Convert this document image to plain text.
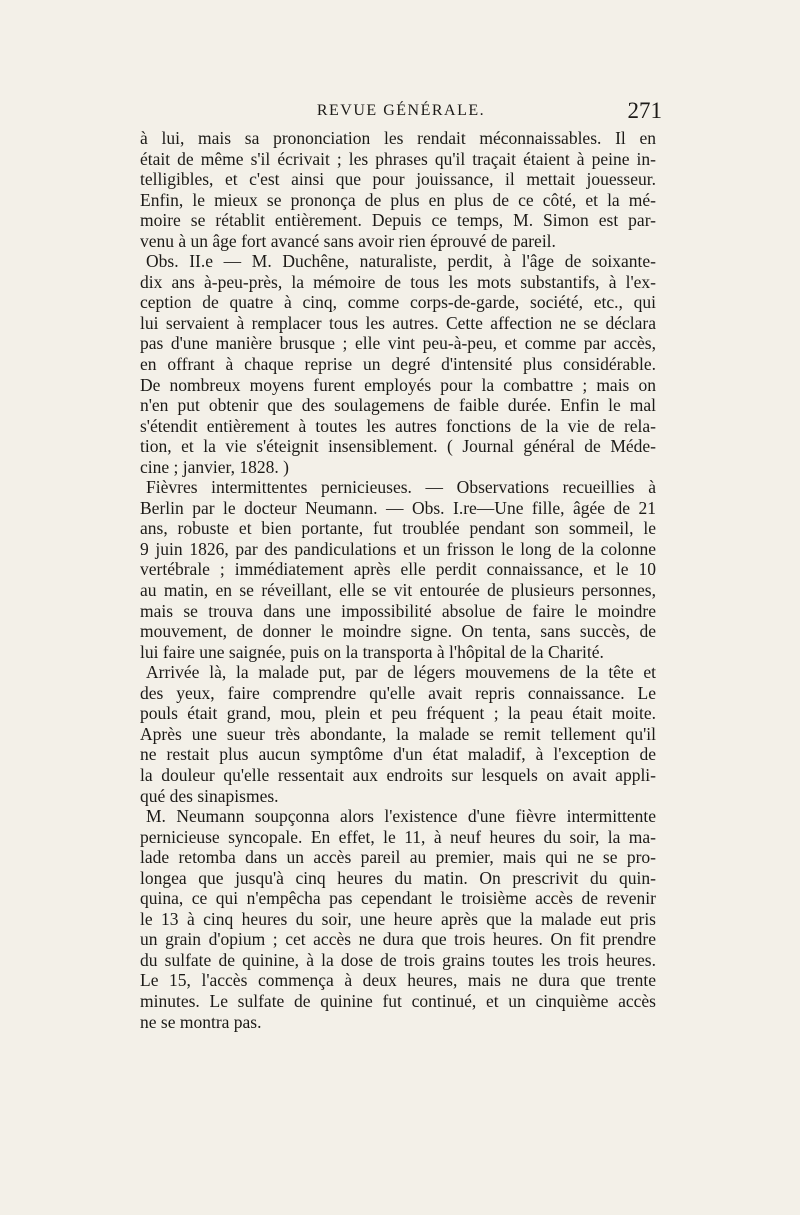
REVUE GÉNÉRALE.	271
à lui, mais sa prononciation les rendait méconnaissables. Il en
était de même s'il écrivait ; les phrases qu'il traçait étaient à peine in-
telligibles, et c'est ainsi que pour jouissance, il mettait jouesseur.
Enfin, le mieux se prononça de plus en plus de ce côté, et la mé-
moire se rétablit entièrement. Depuis ce temps, M. Simon est par-
venu à un âge fort avancé sans avoir rien éprouvé de pareil.
Obs. II.e — M. Duchêne, naturaliste, perdit, à l'âge de soixante-
dix ans à-peu-près, la mémoire de tous les mots substantifs, à l'ex-
ception de quatre à cinq, comme corps-de-garde, société, etc., qui
lui servaient à remplacer tous les autres. Cette affection ne se déclara
pas d'une manière brusque ; elle vint peu-à-peu, et comme par accès,
en offrant à chaque reprise un degré d'intensité plus considérable.
De nombreux moyens furent employés pour la combattre ; mais on
n'en put obtenir que des soulagemens de faible durée. Enfin le mal
s'étendit entièrement à toutes les autres fonctions de la vie de rela-
tion, et la vie s'éteignit insensiblement. ( Journal général de Méde-
cine ; janvier, 1828. )
Fièvres intermittentes pernicieuses. — Observations recueillies à
Berlin par le docteur Neumann. — Obs. I.re—Une fille, âgée de 21
ans, robuste et bien portante, fut troublée pendant son sommeil, le
9 juin 1826, par des pandiculations et un frisson le long de la colonne
vertébrale ; immédiatement après elle perdit connaissance, et le 10
au matin, en se réveillant, elle se vit entourée de plusieurs personnes,
mais se trouva dans une impossibilité absolue de faire le moindre
mouvement, de donner le moindre signe. On tenta, sans succès, de
lui faire une saignée, puis on la transporta à l'hôpital de la Charité.
Arrivée là, la malade put, par de légers mouvemens de la tête et
des yeux, faire comprendre qu'elle avait repris connaissance. Le
pouls était grand, mou, plein et peu fréquent ; la peau était moite.
Après une sueur très abondante, la malade se remit tellement qu'il
ne restait plus aucun symptôme d'un état maladif, à l'exception de
la douleur qu'elle ressentait aux endroits sur lesquels on avait appli-
qué des sinapismes.
M. Neumann soupçonna alors l'existence d'une fièvre intermittente
pernicieuse syncopale. En effet, le 11, à neuf heures du soir, la ma-
lade retomba dans un accès pareil au premier, mais qui ne se pro-
longea que jusqu'à cinq heures du matin. On prescrivit du quin-
quina, ce qui n'empêcha pas cependant le troisième accès de revenir
le 13 à cinq heures du soir, une heure après que la malade eut pris
un grain d'opium ; cet accès ne dura que trois heures. On fit prendre
du sulfate de quinine, à la dose de trois grains toutes les trois heures.
Le 15, l'accès commença à deux heures, mais ne dura que trente
minutes. Le sulfate de quinine fut continué, et un cinquième accès
ne se montra pas.
